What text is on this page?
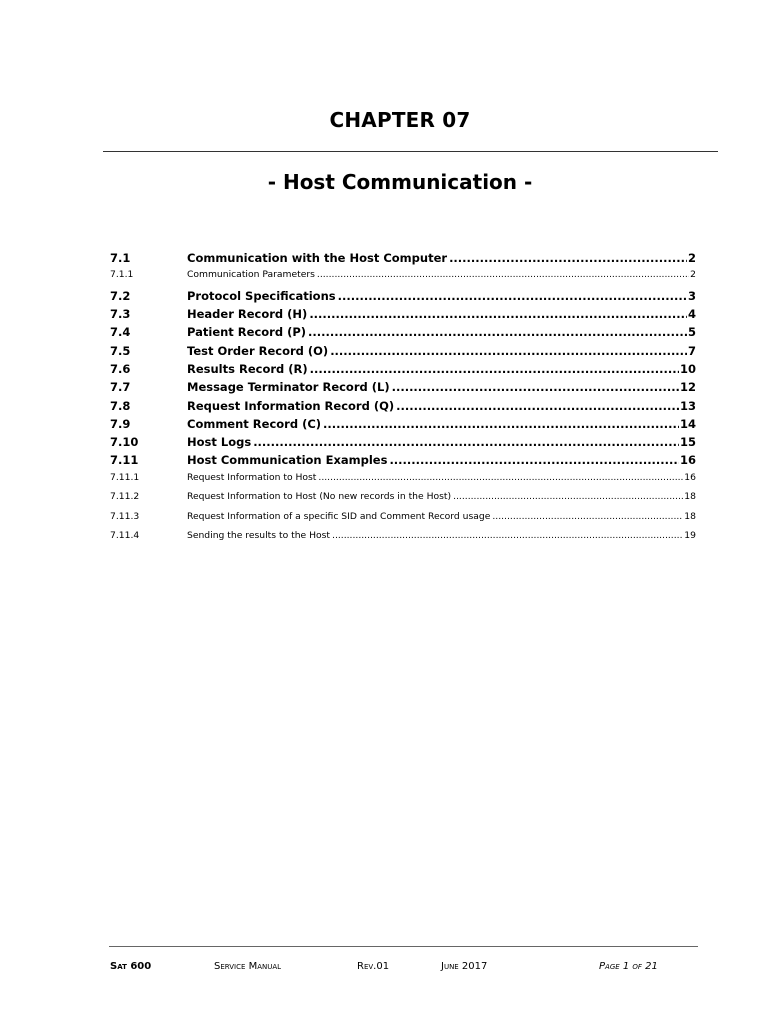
CHAPTER 07
- Host Communication -
7.1	Communication with the Host Computer .....	2
7.1.1	Communication Parameters .....	2
7.2	Protocol Specifications .....	3
7.3	Header Record (H) .....	4
7.4	Patient Record (P) .....	5
7.5	Test Order Record (O) .....	7
7.6	Results Record (R) .....	10
7.7	Message Terminator Record (L) .....	12
7.8	Request Information Record (Q) .....	13
7.9	Comment Record (C) .....	14
7.10	Host Logs .....	15
7.11	Host Communication Examples .....	16
7.11.1	Request Information to Host .....	16
7.11.2	Request Information to Host (No new records in the Host) .....	18
7.11.3	Request Information of a specific SID and Comment Record usage .....	18
7.11.4	Sending the results to the Host .....	19
Sat 600	Service Manual	Rev.01	June 2017	Page 1 of 21
